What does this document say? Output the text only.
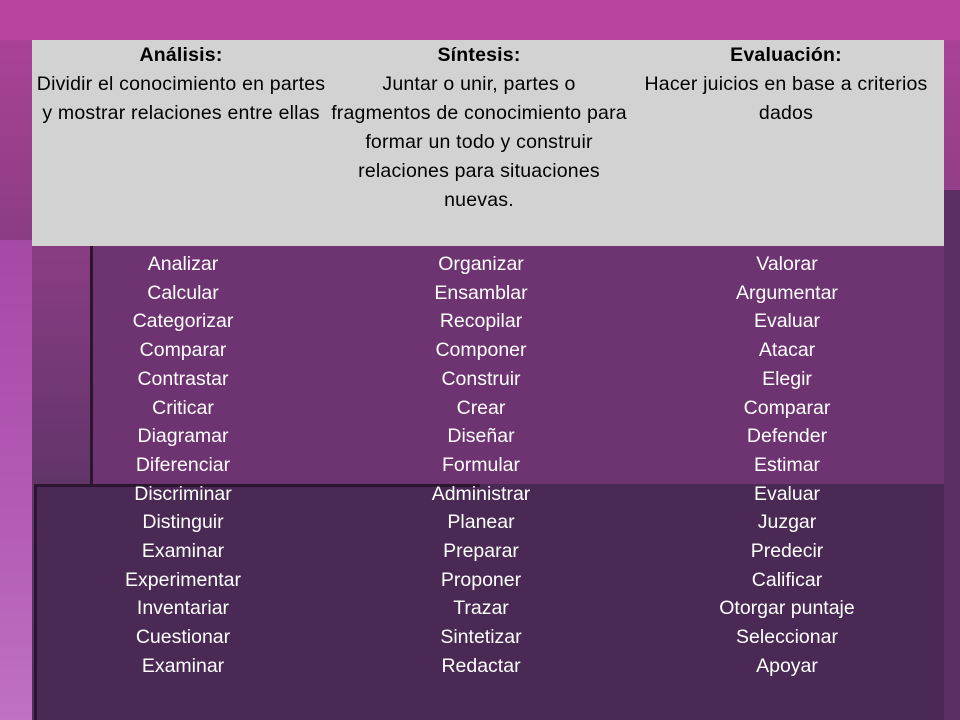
Análisis:
Dividir el conocimiento en partes y mostrar relaciones entre ellas
Síntesis:
Juntar o unir, partes o fragmentos de conocimiento para formar un todo y construir relaciones para situaciones nuevas.
Evaluación:
Hacer juicios en base a criterios dados
Analizar
Calcular
Categorizar
Comparar
Contrastar
Criticar
Diagramar
Diferenciar
Discriminar
Distinguir
Examinar
Experimentar
Inventariar
Cuestionar
Examinar
Organizar
Ensamblar
Recopilar
Componer
Construir
Crear
Diseñar
Formular
Administrar
Planear
Preparar
Proponer
Trazar
Sintetizar
Redactar
Valorar
Argumentar
Evaluar
Atacar
Elegir
Comparar
Defender
Estimar
Evaluar
Juzgar
Predecir
Calificar
Otorgar puntaje
Seleccionar
Apoyar
